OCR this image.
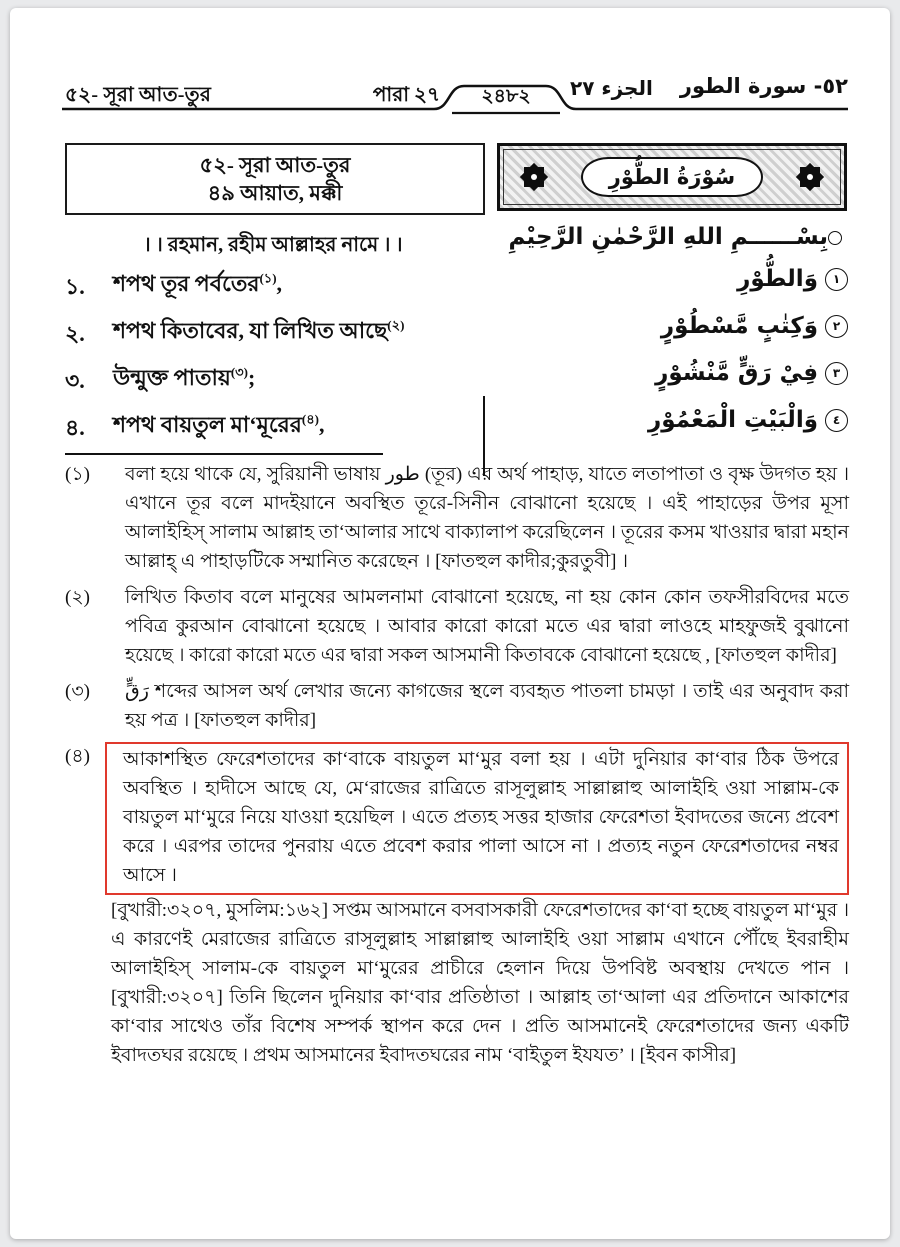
৫২- সূরা আত-তুর	পারা ২৭	২৪৮২	الجزء ٢٧	٥٢- سورة الطور
৫২- সূরা আত-তুর
৪৯ আয়াত, মক্কী
। । রহমান, রহীম আল্লাহর নামে । ।
سُوْرَةُ الطُّوْرِ
بِسْــــــمِ اللهِ الرَّحْمٰنِ الرَّحِيْمِ
১.	শপথ তূর পর্বতের$^{(১)}$,
২.	শপথ কিতাবের, যা লিখিত আছে$^{(২)}$
৩.	উন্মুক্ত পাতায়$^{(৩)}$;
৪.	শপথ বায়তুল মা‘মূরের$^{(৪)}$,
١
وَالطُّوْرِ
٢
وَكِتٰبٍ مَّسْطُوْرٍ
٣
فِيْ رَقٍّ مَّنْشُوْرٍ
٤
وَالْبَيْتِ الْمَعْمُوْرِ
(১) বলা হয়ে থাকে যে, সুরিয়ানী ভাষায় طور (তূর) এর অর্থ পাহাড়, যাতে লতাপাতা ও বৃক্ষ উদগত হয় । এখানে তূর বলে মাদইয়ানে অবস্থিত তূরে-সিনীন বোঝানো হয়েছে । এই পাহাড়ের উপর মূসা আলাইহিস্ সালাম আল্লাহ তা‘আলার সাথে বাক্যালাপ করেছিলেন । তূরের কসম খাওয়ার দ্বারা মহান আল্লাহ্ এ পাহাড়টিকে সম্মানিত করেছেন । [ফাতহুল কাদীর;কুরতুবী] ।
(২) লিখিত কিতাব বলে মানুষের আমলনামা বোঝানো হয়েছে, না হয় কোন কোন তফসীরবিদের মতে পবিত্র কুরআন বোঝানো হয়েছে । আবার কারো কারো মতে এর দ্বারা লাওহে মাহফুজই বুঝানো হয়েছে । কারো কারো মতে এর দ্বারা সকল আসমানী কিতাবকে বোঝানো হয়েছে , [ফাতহুল কাদীর]
(৩) رَقٍّ শব্দের আসল অর্থ লেখার জন্যে কাগজের স্থলে ব্যবহৃত পাতলা চামড়া । তাই এর অনুবাদ করা হয় পত্র । [ফাতহুল কাদীর]
(৪)	আকাশস্থিত ফেরেশতাদের কা‘বাকে বায়তুল মা‘মুর বলা হয় । এটা দুনিয়ার কা‘বার ঠিক উপরে অবস্থিত । হাদীসে আছে যে, মে‘রাজের রাত্রিতে রাসূলুল্লাহ সাল্লাল্লাহু আলাইহি ওয়া সাল্লাম-কে বায়তুল মা‘মুরে নিয়ে যাওয়া হয়েছিল । এতে প্রত্যহ সত্তর হাজার ফেরেশতা ইবাদতের জন্যে প্রবেশ করে । এরপর তাদের পুনরায় এতে প্রবেশ করার পালা আসে না । প্রত্যহ নতুন ফেরেশতাদের নম্বর আসে ।

[বুখারী:৩২০৭, মুসলিম:১৬২] সপ্তম আসমানে বসবাসকারী ফেরেশতাদের কা‘বা হচ্ছে বায়তুল মা‘মুর । এ কারণেই মেরাজের রাত্রিতে রাসূলুল্লাহ সাল্লাল্লাহু আলাইহি ওয়া সাল্লাম এখানে পৌঁছে ইবরাহীম আলাইহিস্ সালাম-কে বায়তুল মা‘মুরের প্রাচীরে হেলান দিয়ে উপবিষ্ট অবস্থায় দেখতে পান । [বুখারী:৩২০৭] তিনি ছিলেন দুনিয়ার কা‘বার প্রতিষ্ঠাতা । আল্লাহ তা‘আলা এর প্রতিদানে আকাশের কা‘বার সাথেও তাঁর বিশেষ সম্পর্ক স্থাপন করে দেন । প্রতি আসমানেই ফেরেশতাদের জন্য একটি ইবাদতঘর রয়েছে । প্রথম আসমানের ইবাদতঘরের নাম ‘বাইতুল ইযযত’ । [ইবন কাসীর]
